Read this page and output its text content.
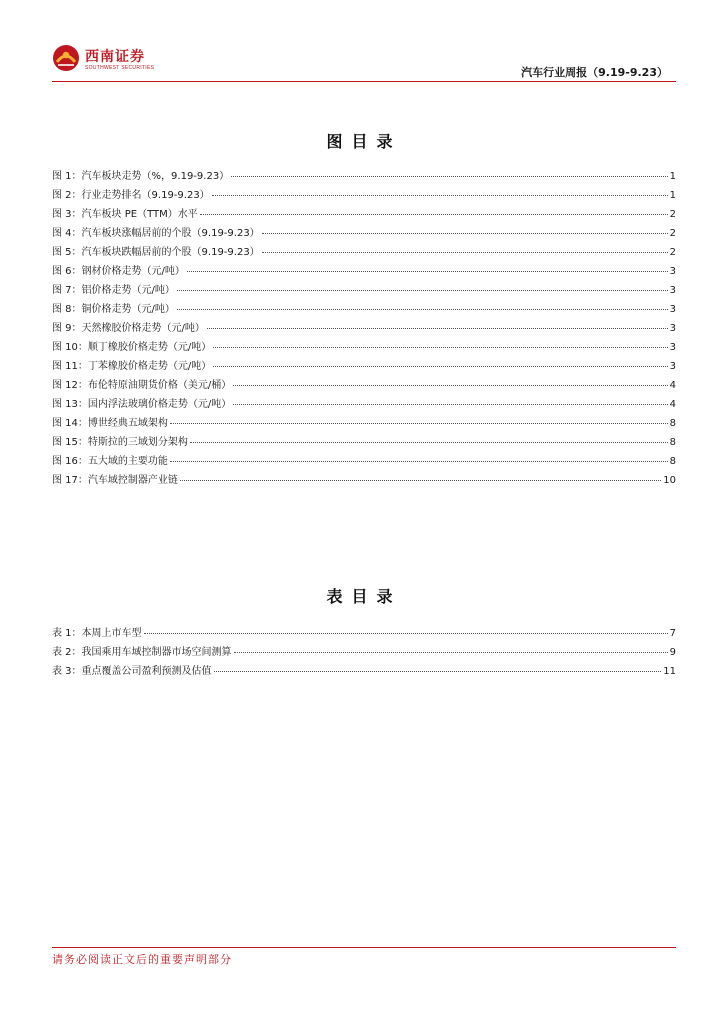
西南证券
SOUTHWEST SECURITIES	汽车行业周报（9.19-9.23）
图目录
图 1：汽车板块走势（%，9.19-9.23）	1
图 2：行业走势排名（9.19-9.23）	1
图 3：汽车板块 PE（TTM）水平	2
图 4：汽车板块涨幅居前的个股（9.19-9.23）	2
图 5：汽车板块跌幅居前的个股（9.19-9.23）	2
图 6：钢材价格走势（元/吨）	3
图 7：铝价格走势（元/吨）	3
图 8：铜价格走势（元/吨）	3
图 9：天然橡胶价格走势（元/吨）	3
图 10：顺丁橡胶价格走势（元/吨）	3
图 11：丁苯橡胶价格走势（元/吨）	3
图 12：布伦特原油期货价格（美元/桶）	4
图 13：国内浮法玻璃价格走势（元/吨）	4
图 14：博世经典五域架构	8
图 15：特斯拉的三域划分架构	8
图 16：五大域的主要功能	8
图 17：汽车域控制器产业链	10
表目录
表 1：本周上市车型	7
表 2：我国乘用车域控制器市场空间测算	9
表 3：重点覆盖公司盈利预测及估值	11
请务必阅读正文后的重要声明部分
